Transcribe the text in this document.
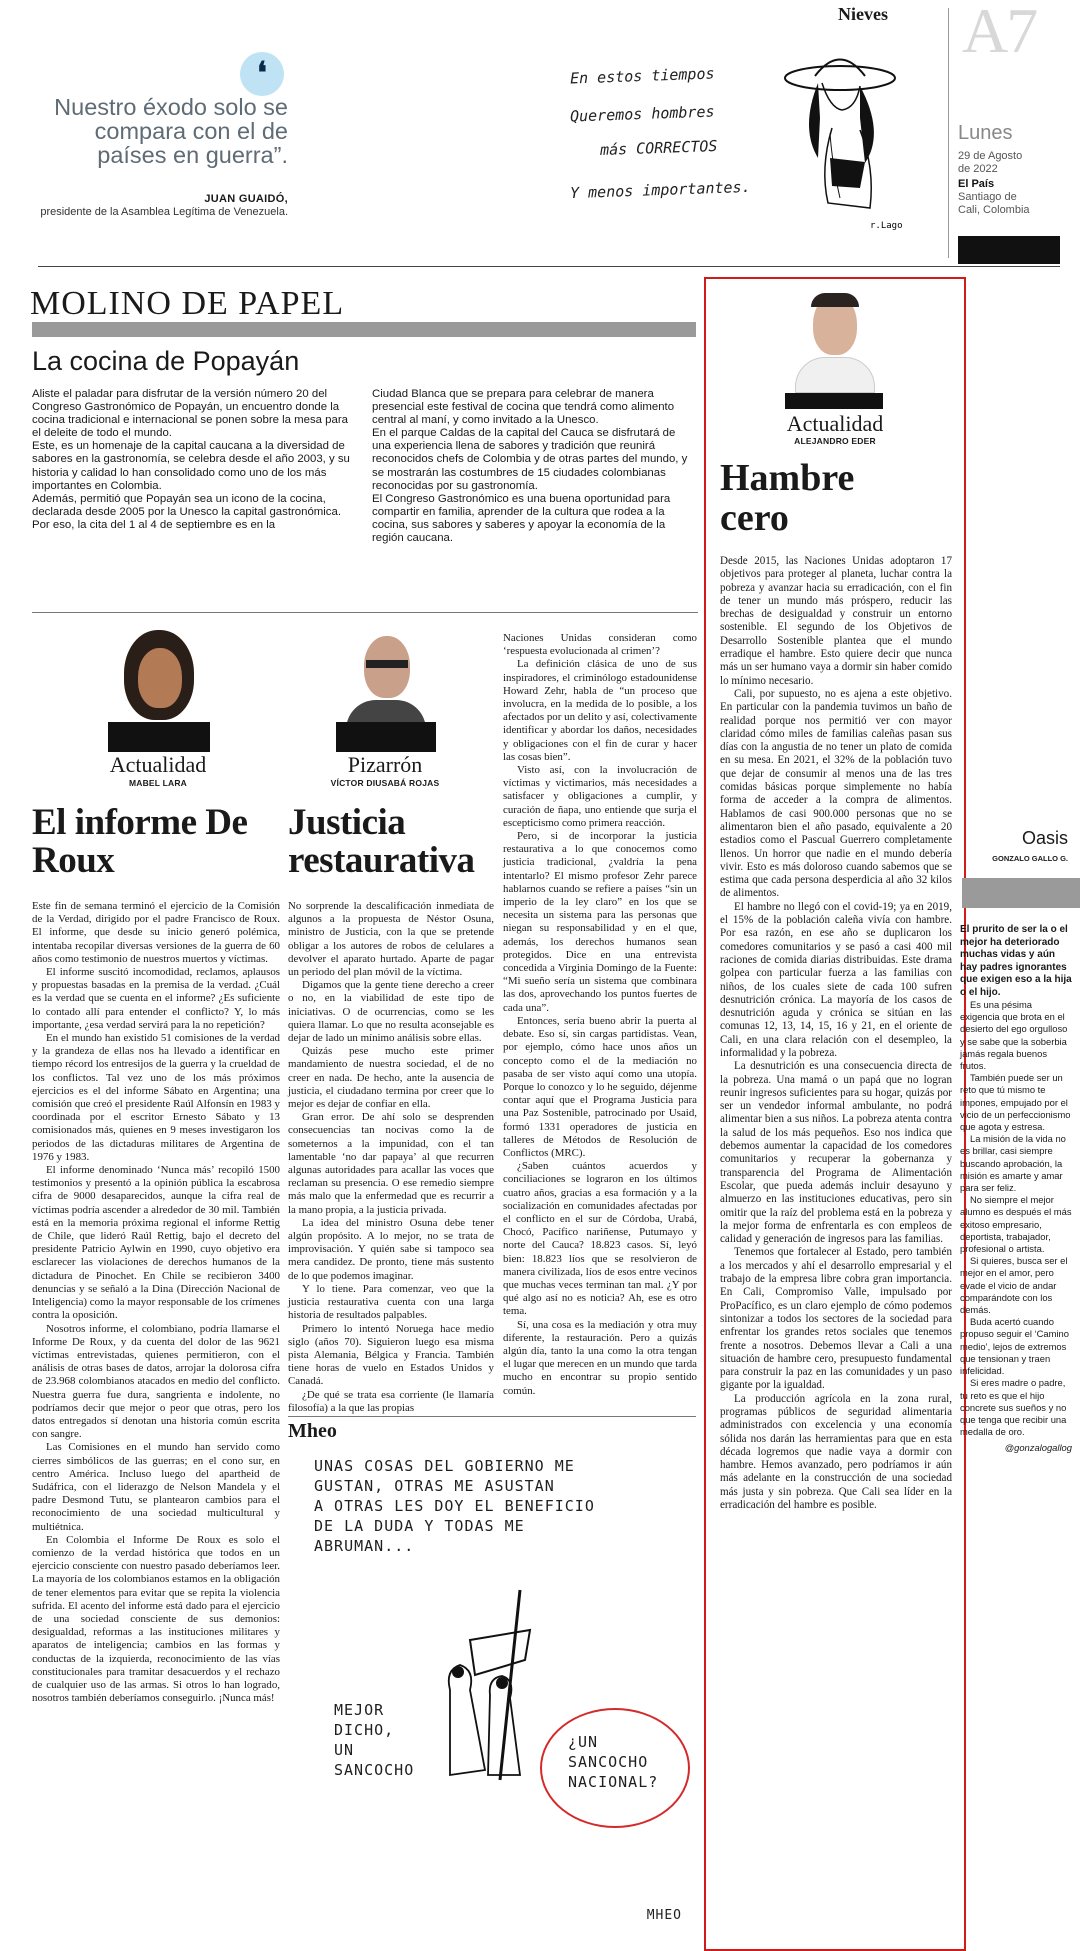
❛
Nuestro éxodo solo se compara con el de países en guerra”.
JUAN GUAIDÓ,
presidente de la Asamblea Legítima de Venezuela.
En estos tiempos
Queremos hombres
más CORRECTOS
Y menos importantes.
r.Lago
Nieves A7
Lunes
29 de Agosto de 2022
El País
Santiago de Cali, Colombia
MOLINO DE PAPEL
La cocina de Popayán

Aliste el paladar para disfrutar de la versión número 20 del Congreso Gastronómico de Popayán, un encuentro donde la cocina tradicional e internacional se ponen sobre la mesa para el deleite de todo el mundo.

Este, es un homenaje de la capital caucana a la diversidad de sabores en la gastronomía, se celebra desde el año 2003, y su historia y calidad lo han consolidado como uno de los más importantes en Colombia.

Además, permitió que Popayán sea un icono de la cocina, declarada desde 2005 por la Unesco la capital gastronómica.

Por eso, la cita del 1 al 4 de septiembre es en la

Ciudad Blanca que se prepara para celebrar de manera presencial este festival de cocina que tendrá como alimento central al maní, y como invitado a la Unesco.

En el parque Caldas de la capital del Cauca se disfrutará de una experiencia llena de sabores y tradición que reunirá reconocidos chefs de Colombia y de otras partes del mundo, y se mostrarán las costumbres de 15 ciudades colombianas reconocidas por su gastronomía.

El Congreso Gastronómico es una buena oportunidad para compartir en familia, aprender de la cultura que rodea a la cocina, sus sabores y saberes y apoyar la economía de la región caucana.

Actualidad
MABEL LARA
El informe De Roux

Este fin de semana terminó el ejercicio de la Comisión de la Verdad, dirigido por el padre Francisco de Roux. El informe, que desde su inicio generó polémica, intentaba recopilar diversas versiones de la guerra de 60 años como testimonio de nuestros muertos y víctimas.

El informe suscitó incomodidad, reclamos, aplausos y propuestas basadas en la premisa de la verdad. ¿Cuál es la verdad que se cuenta en el informe? ¿Es suficiente lo contado allí para entender el conflicto? Y, lo más importante, ¿esa verdad servirá para la no repetición?

En el mundo han existido 51 comisiones de la verdad y la grandeza de ellas nos ha llevado a identificar en tiempo récord los entresijos de la guerra y la crueldad de los conflictos. Tal vez uno de los más próximos ejercicios es el del informe Sábato en Argentina; una comisión que creó el presidente Raúl Alfonsín en 1983 y coordinada por el escritor Ernesto Sábato y 13 comisionados más, quienes en 9 meses investigaron los periodos de las dictaduras militares de Argentina de 1976 y 1983.

El informe denominado ‘Nunca más’ recopiló 1500 testimonios y presentó a la opinión pública la escabrosa cifra de 9000 desaparecidos, aunque la cifra real de víctimas podría ascender a alrededor de 30 mil. También está en la memoria próxima regional el informe Rettig de Chile, que lideró Raúl Rettig, bajo el decreto del presidente Patricio Aylwin en 1990, cuyo objetivo era esclarecer las violaciones de derechos humanos de la dictadura de Pinochet. En Chile se recibieron 3400 denuncias y se señaló a la Dina (Dirección Nacional de Inteligencia) como la mayor responsable de los crímenes contra la oposición.

Nosotros informe, el colombiano, podría llamarse el Informe De Roux, y da cuenta del dolor de las 9621 víctimas entrevistadas, quienes permitieron, con el análisis de otras bases de datos, arrojar la dolorosa cifra de 23.968 colombianos atacados en medio del conflicto. Nuestra guerra fue dura, sangrienta e indolente, no podríamos decir que mejor o peor que otras, pero los datos entregados sí denotan una historia común escrita con sangre.

Las Comisiones en el mundo han servido como cierres simbólicos de las guerras; en el cono sur, en centro América. Incluso luego del apartheid de Sudáfrica, con el liderazgo de Nelson Mandela y el padre Desmond Tutu, se plantearon cambios para el reconocimiento de una sociedad multicultural y multiétnica.

En Colombia el Informe De Roux es solo el comienzo de la verdad histórica que todos en un ejercicio consciente con nuestro pasado deberíamos leer. La mayoría de los colombianos estamos en la obligación de tener elementos para evitar que se repita la violencia sufrida. El acento del informe está dado para el ejercicio de una sociedad consciente de sus demonios: desigualdad, reformas a las instituciones militares y aparatos de inteligencia; cambios en las formas y conductas de la izquierda, reconocimiento de las vías constitucionales para tramitar desacuerdos y el rechazo de cualquier uso de las armas. Si otros lo han logrado, nosotros también deberíamos conseguirlo. ¡Nunca más!

Pizarrón
VÍCTOR DIUSABÁ ROJAS
Justicia restaurativa

No sorprende la descalificación inmediata de algunos a la propuesta de Néstor Osuna, ministro de Justicia, con la que se pretende obligar a los autores de robos de celulares a devolver el aparato hurtado. Aparte de pagar un periodo del plan móvil de la víctima.

Digamos que la gente tiene derecho a creer o no, en la viabilidad de este tipo de iniciativas. O de ocurrencias, como se les quiera llamar. Lo que no resulta aconsejable es dejar de lado un mínimo análisis sobre ellas.

Quizás pese mucho este primer mandamiento de nuestra sociedad, el de no creer en nada. De hecho, ante la ausencia de justicia, el ciudadano termina por creer que lo mejor es dejar de confiar en ella.

Gran error. De ahí solo se desprenden consecuencias tan nocivas como la de someternos a la impunidad, con el tan lamentable ‘no dar papaya’ al que recurren algunas autoridades para acallar las voces que reclaman su presencia. O ese remedio siempre más malo que la enfermedad que es recurrir a la mano propia, a la justicia privada.

La idea del ministro Osuna debe tener algún propósito. A lo mejor, no se trata de improvisación. Y quién sabe si tampoco sea mera candidez. De pronto, tiene más sustento de lo que podemos imaginar.

Y lo tiene. Para comenzar, veo que la justicia restaurativa cuenta con una larga historia de resultados palpables.

Primero lo intentó Noruega hace medio siglo (años 70). Siguieron luego esa misma pista Alemania, Bélgica y Francia. También tiene horas de vuelo en Estados Unidos y Canadá.

¿De qué se trata esa corriente (le llamaría filosofía) a la que las propias

Naciones Unidas consideran como ‘respuesta evolucionada al crimen’?

La definición clásica de uno de sus inspiradores, el criminólogo estadounidense Howard Zehr, habla de “un proceso que involucra, en la medida de lo posible, a los afectados por un delito y así, colectivamente identificar y abordar los daños, necesidades y obligaciones con el fin de curar y hacer las cosas bien”.

Visto así, con la involucración de víctimas y victimarios, más necesidades a satisfacer y obligaciones a cumplir, y curación de ñapa, uno entiende que surja el escepticismo como primera reacción.

Pero, si de incorporar la justicia restaurativa a lo que conocemos como justicia tradicional, ¿valdría la pena intentarlo? El mismo profesor Zehr parece hablarnos cuando se refiere a países “sin un imperio de la ley claro” en los que se necesita un sistema para las personas que niegan su responsabilidad y en el que, además, los derechos humanos sean protegidos. Dice en una entrevista concedida a Virginia Domingo de la Fuente: “Mi sueño sería un sistema que combinara las dos, aprovechando los puntos fuertes de cada una”.

Entonces, sería bueno abrir la puerta al debate. Eso sí, sin cargas partidistas. Vean, por ejemplo, cómo hace unos años un concepto como el de la mediación no pasaba de ser visto aquí como una utopía. Porque lo conozco y lo he seguido, déjenme contar aquí que el Programa Justicia para una Paz Sostenible, patrocinado por Usaid, formó 1331 operadores de justicia en talleres de Métodos de Resolución de Conflictos (MRC).

¿Saben cuántos acuerdos y conciliaciones se lograron en los últimos cuatro años, gracias a esa formación y a la socialización en comunidades afectadas por el conflicto en el sur de Córdoba, Urabá, Chocó, Pacífico nariñense, Putumayo y norte del Cauca? 18.823 casos. Sí, leyó bien: 18.823 líos que se resolvieron de manera civilizada, líos de esos entre vecinos que muchas veces terminan tan mal. ¿Y por qué algo así no es noticia? Ah, ese es otro tema.

Sí, una cosa es la mediación y otra muy diferente, la restauración. Pero a quizás algún día, tanto la una como la otra tengan el lugar que merecen en un mundo que tarda mucho en encontrar su propio sentido común.

Mheo
UNAS COSAS DEL GOBIERNO ME
GUSTAN, OTRAS ME ASUSTAN
A OTRAS LES DOY EL BENEFICIO
DE LA DUDA Y TODAS ME
ABRUMAN...
MEJOR
DICHO,
UN
SANCOCHO
¿UN
SANCOCHO
NACIONAL?
MHEO
Actualidad
ALEJANDRO EDER
Hambre cero

Desde 2015, las Naciones Unidas adoptaron 17 objetivos para proteger al planeta, luchar contra la pobreza y avanzar hacia su erradicación, con el fin de tener un mundo más próspero, reducir las brechas de desigualdad y construir un entorno sostenible. El segundo de los Objetivos de Desarrollo Sostenible plantea que el mundo erradique el hambre. Esto quiere decir que nunca más un ser humano vaya a dormir sin haber comido lo mínimo necesario.

Cali, por supuesto, no es ajena a este objetivo. En particular con la pandemia tuvimos un baño de realidad porque nos permitió ver con mayor claridad cómo miles de familias caleñas pasan sus días con la angustia de no tener un plato de comida en su mesa. En 2021, el 32% de la población tuvo que dejar de consumir al menos una de las tres comidas básicas porque simplemente no había forma de acceder a la compra de alimentos. Hablamos de casi 900.000 personas que no se alimentaron bien el año pasado, equivalente a 20 estadios como el Pascual Guerrero completamente llenos. Un horror que nadie en el mundo debería vivir. Esto es más doloroso cuando sabemos que se estima que cada persona desperdicia al año 32 kilos de alimentos.

El hambre no llegó con el covid-19; ya en 2019, el 15% de la población caleña vivía con hambre. Por esa razón, en ese año se duplicaron los comedores comunitarios y se pasó a casi 400 mil raciones de comida diarias distribuidas. Este drama golpea con particular fuerza a las familias con niños, de los cuales siete de cada 100 sufren desnutrición crónica. La mayoría de los casos de desnutrición aguda y crónica se sitúan en las comunas 12, 13, 14, 15, 16 y 21, en el oriente de Cali, en una clara relación con el desempleo, la informalidad y la pobreza.

La desnutrición es una consecuencia directa de la pobreza. Una mamá o un papá que no logran reunir ingresos suficientes para su hogar, quizás por ser un vendedor informal ambulante, no podrá alimentar bien a sus niños. La pobreza atenta contra la salud de los más pequeños. Eso nos indica que debemos aumentar la capacidad de los comedores comunitarios y recuperar la gobernanza y transparencia del Programa de Alimentación Escolar, que pueda además incluir desayuno y almuerzo en las instituciones educativas, pero sin omitir que la raíz del problema está en la pobreza y la mejor forma de enfrentarla es con empleos de calidad y generación de ingresos para las familias.

Tenemos que fortalecer al Estado, pero también a los mercados y ahí el desarrollo empresarial y el trabajo de la empresa libre cobra gran importancia. En Cali, Compromiso Valle, impulsado por ProPacífico, es un claro ejemplo de cómo podemos sintonizar a todos los sectores de la sociedad para enfrentar los grandes retos sociales que tenemos frente a nosotros. Debemos llevar a Cali a una situación de hambre cero, presupuesto fundamental para construir la paz en las comunidades y un paso gigante por la igualdad.

La producción agrícola en la zona rural, programas públicos de seguridad alimentaria administrados con excelencia y una economía sólida nos darán las herramientas para que en esta década logremos que nadie vaya a dormir con hambre. Hemos avanzado, pero podríamos ir aún más adelante en la construcción de una sociedad más justa y sin pobreza. Que Cali sea líder en la erradicación del hambre es posible.

Oasis
GONZALO GALLO G.

El prurito de ser la o el mejor ha deteriorado muchas vidas y aún hay padres ignorantes que exigen eso a la hija o el hijo.

Es una pésima exigencia que brota en el desierto del ego orgulloso y se sabe que la soberbia jamás regala buenos frutos.

También puede ser un reto que tú mismo te impones, empujado por el vicio de un perfeccionismo que agota y estresa.

La misión de la vida no es brillar, casi siempre buscando aprobación, la misión es amarte y amar para ser feliz.

No siempre el mejor alumno es después el más exitoso empresario, deportista, trabajador, profesional o artista.

Si quieres, busca ser el mejor en el amor, pero evade el vicio de andar comparándote con los demás.

Buda acertó cuando propuso seguir el ‘Camino medio’, lejos de extremos que tensionan y traen infelicidad.

Si eres madre o padre, tu reto es que el hijo concrete sus sueños y no que tenga que recibir una medalla de oro.

@gonzalogallog
